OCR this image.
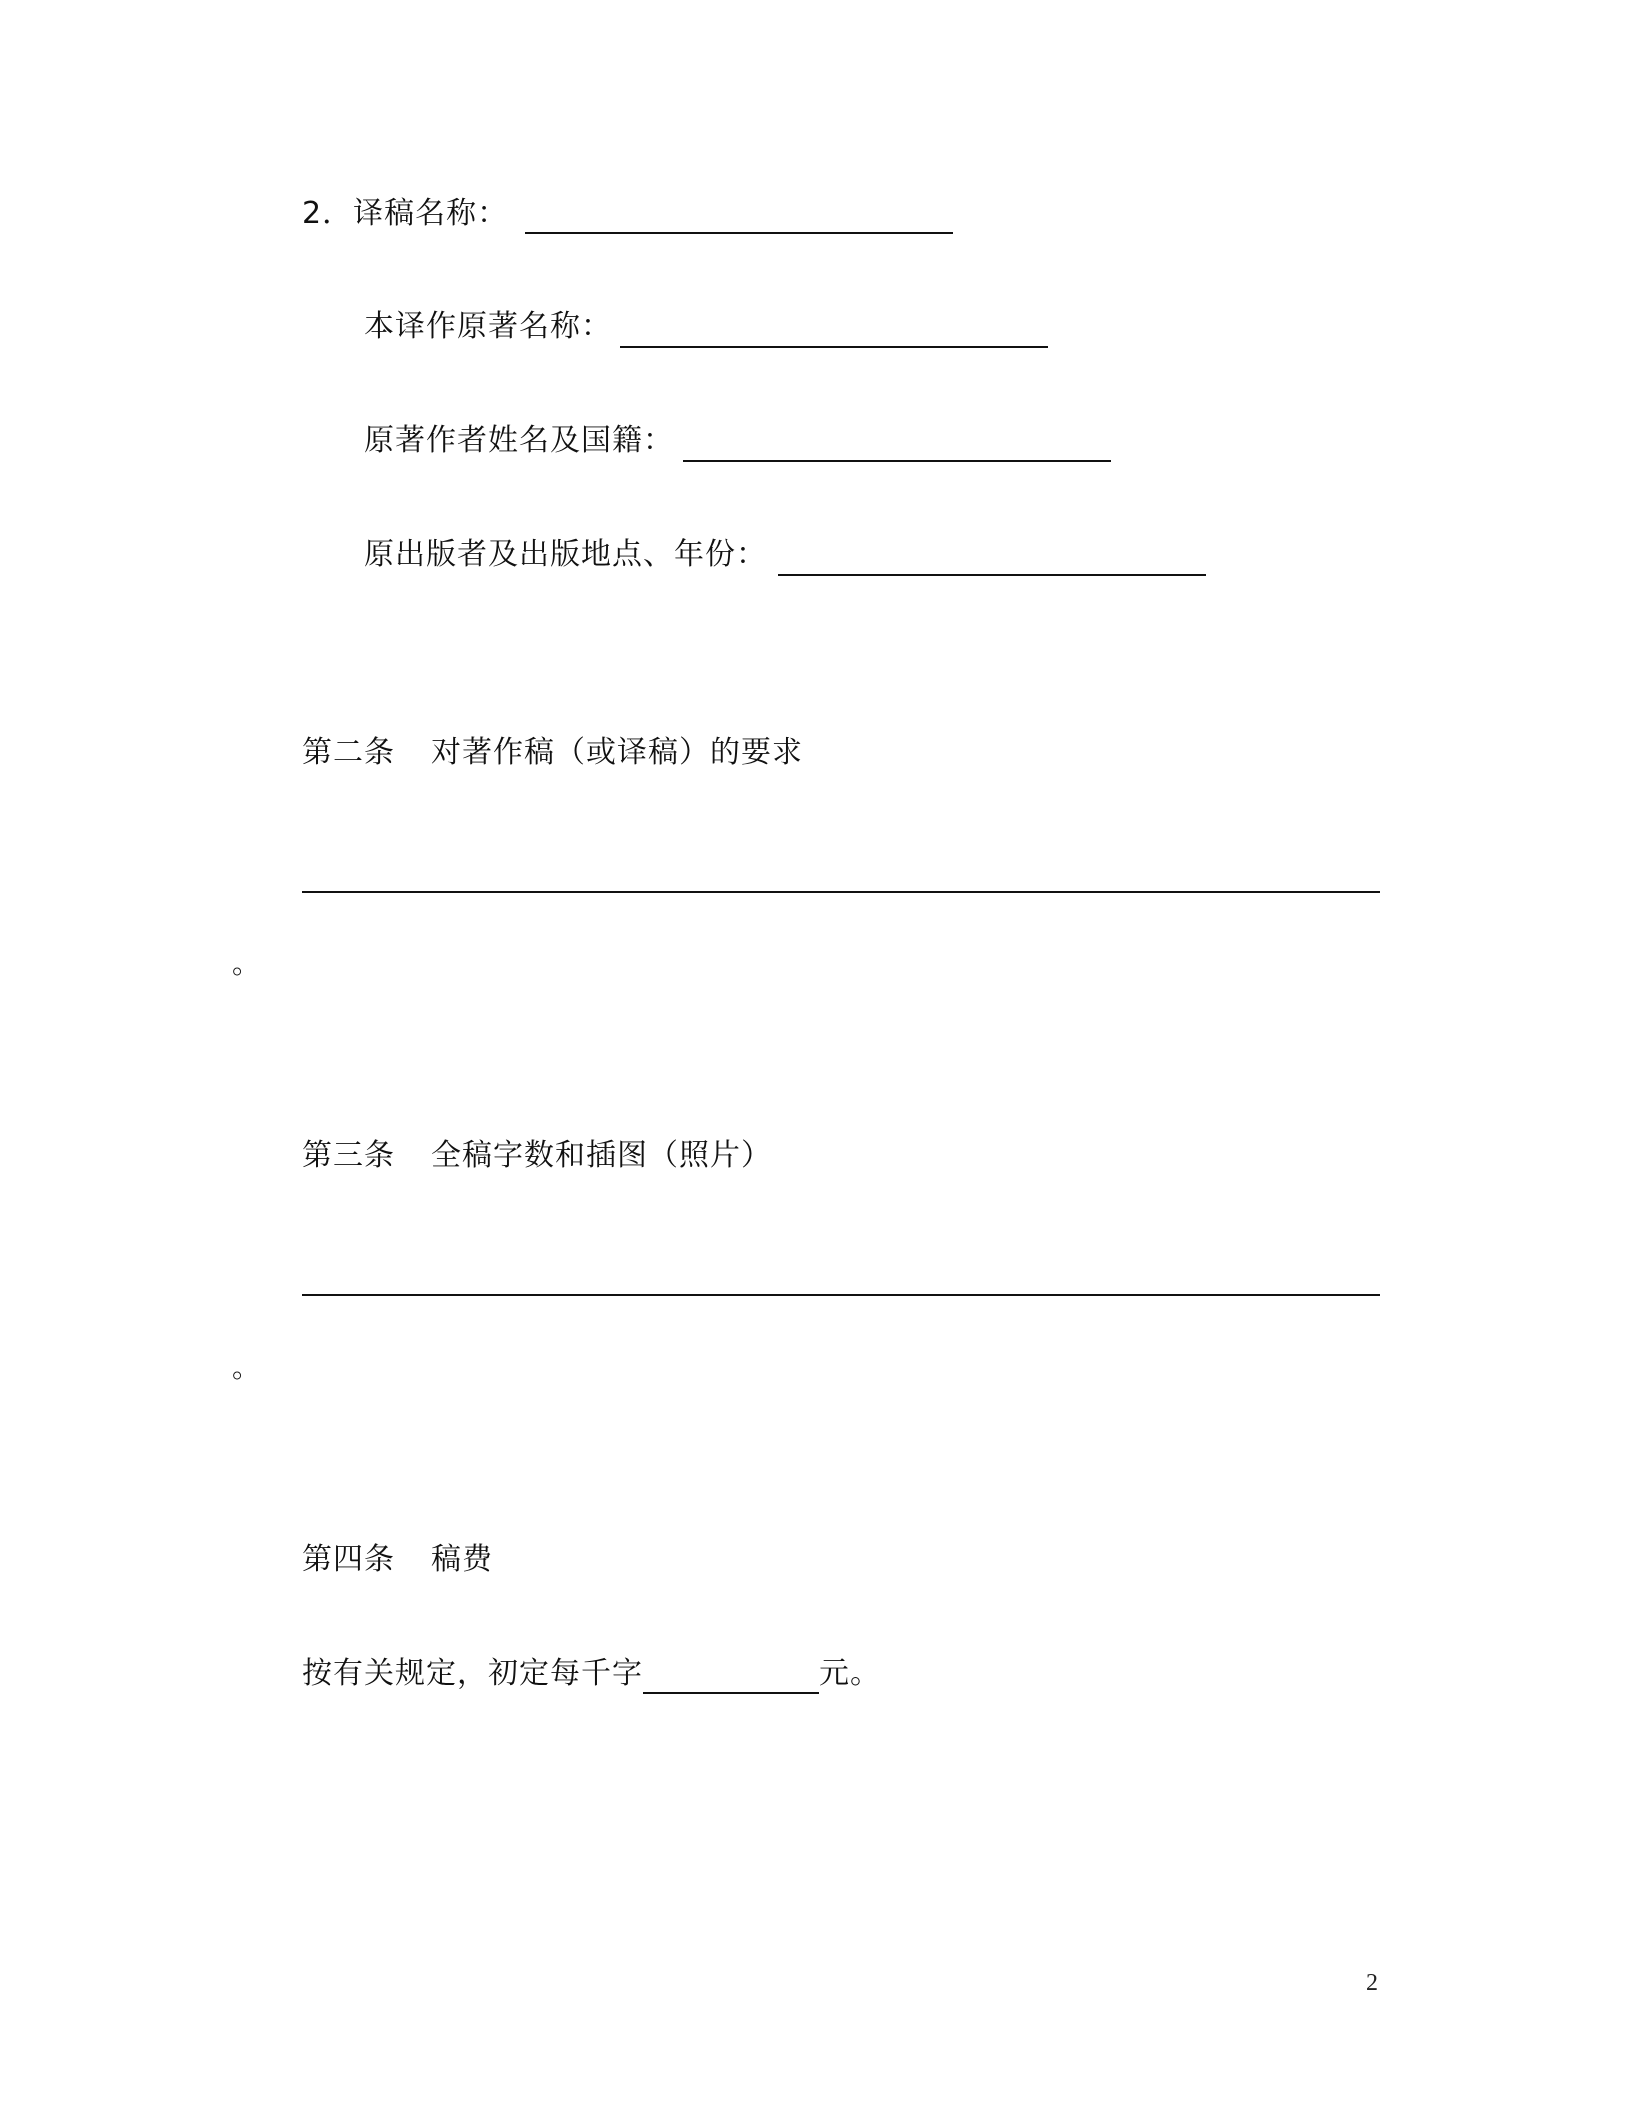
2．译稿名称：
本译作原著名称：
原著作者姓名及国籍：
原出版者及出版地点、年份：
第二条 对著作稿（或译稿）的要求
。
第三条 全稿字数和插图（照片）
。
第四条 稿费
按有关规定，初定每千字	元。
2
